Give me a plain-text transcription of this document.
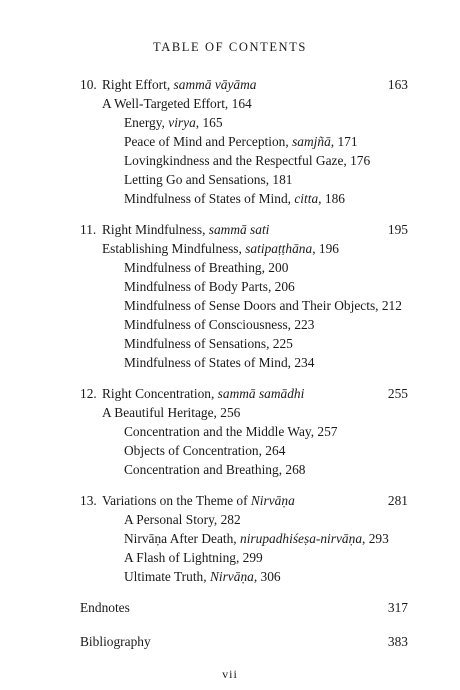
TABLE OF CONTENTS
10. Right Effort, sammā vāyāma	163
A Well-Targeted Effort, 164
Energy, virya, 165
Peace of Mind and Perception, samjñā, 171
Lovingkindness and the Respectful Gaze, 176
Letting Go and Sensations, 181
Mindfulness of States of Mind, citta, 186
11. Right Mindfulness, sammā sati	195
Establishing Mindfulness, satipaṭṭhāna, 196
Mindfulness of Breathing, 200
Mindfulness of Body Parts, 206
Mindfulness of Sense Doors and Their Objects, 212
Mindfulness of Consciousness, 223
Mindfulness of Sensations, 225
Mindfulness of States of Mind, 234
12. Right Concentration, sammā samādhi	255
A Beautiful Heritage, 256
Concentration and the Middle Way, 257
Objects of Concentration, 264
Concentration and Breathing, 268
13. Variations on the Theme of Nirvāṇa	281
A Personal Story, 282
Nirvāṇa After Death, nirupadhiśeṣa-nirvāṇa, 293
A Flash of Lightning, 299
Ultimate Truth, Nirvāṇa, 306
Endnotes	317
Bibliography	383
vii
